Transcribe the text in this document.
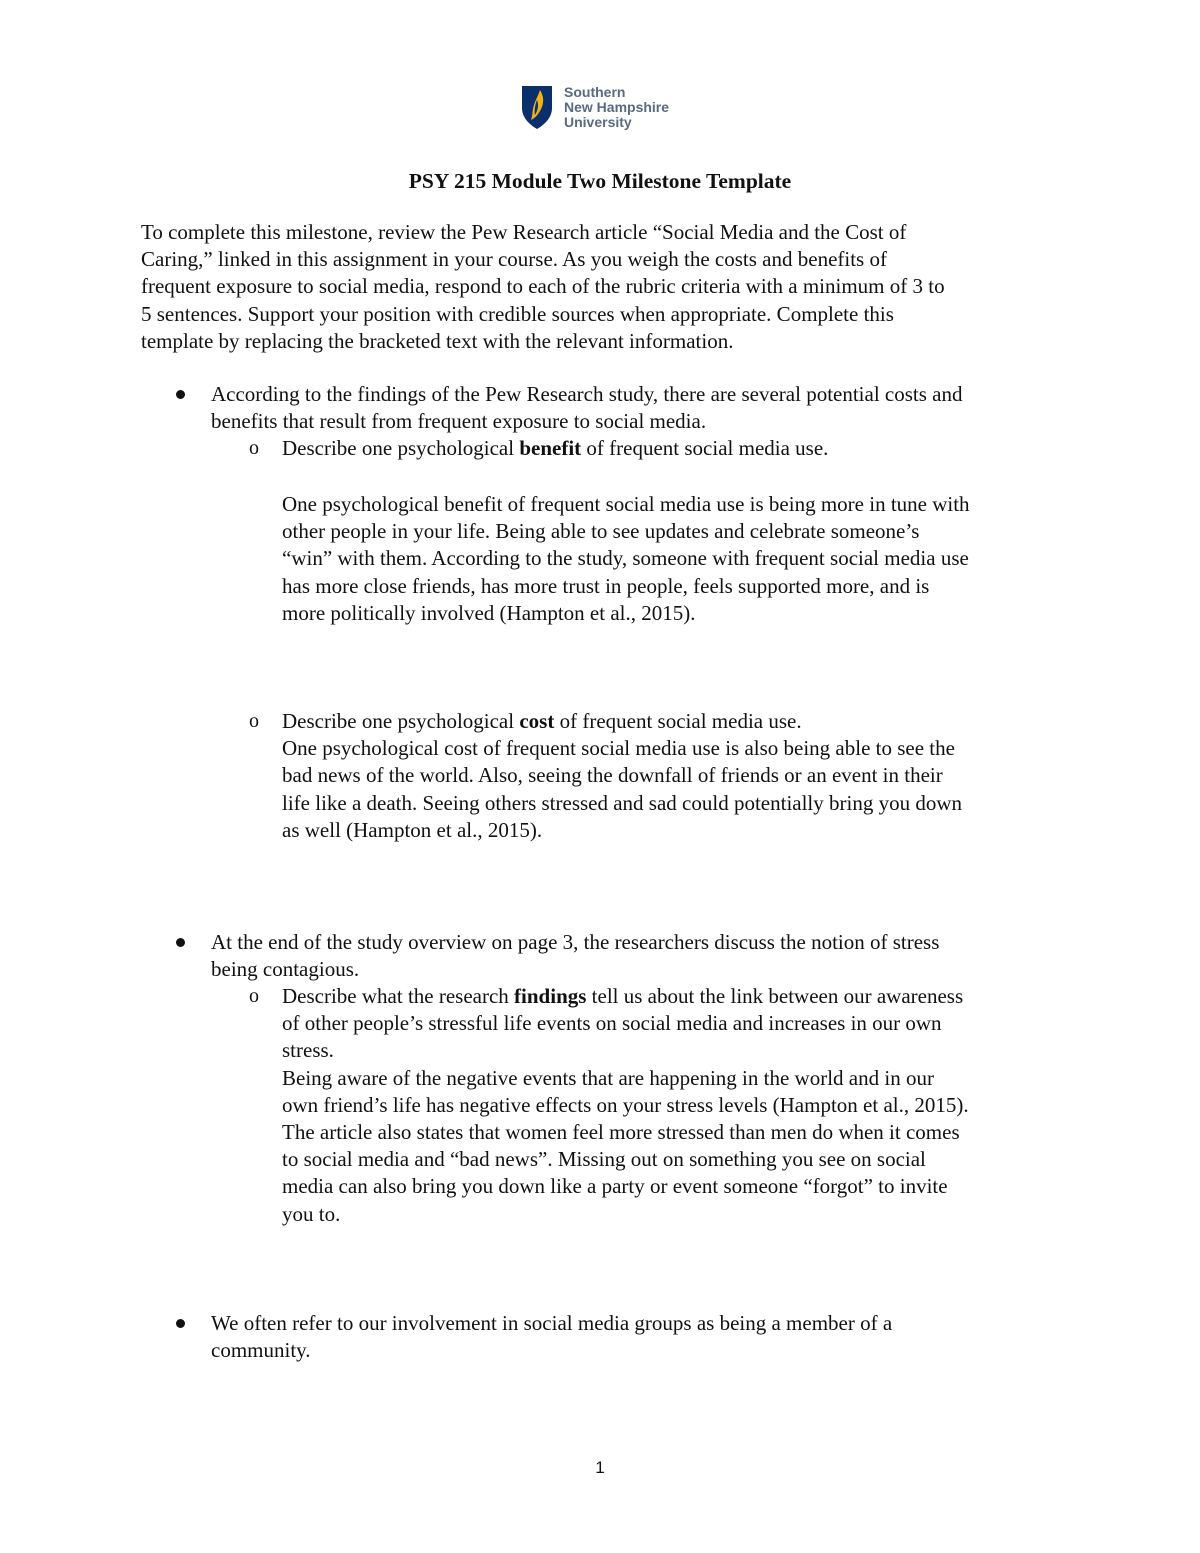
Southern
New Hampshire
University
PSY 215 Module Two Milestone Template
To complete this milestone, review the Pew Research article “Social Media and the Cost of
Caring,” linked in this assignment in your course. As you weigh the costs and benefits of
frequent exposure to social media, respond to each of the rubric criteria with a minimum of 3 to
5 sentences. Support your position with credible sources when appropriate. Complete this
template by replacing the bracketed text with the relevant information.
According to the findings of the Pew Research study, there are several potential costs and
benefits that result from frequent exposure to social media.
o Describe one psychological benefit of frequent social media use.
One psychological benefit of frequent social media use is being more in tune with
other people in your life. Being able to see updates and celebrate someone’s
“win” with them. According to the study, someone with frequent social media use
has more close friends, has more trust in people, feels supported more, and is
more politically involved (Hampton et al., 2015).
o Describe one psychological cost of frequent social media use.
One psychological cost of frequent social media use is also being able to see the
bad news of the world. Also, seeing the downfall of friends or an event in their
life like a death. Seeing others stressed and sad could potentially bring you down
as well (Hampton et al., 2015).
At the end of the study overview on page 3, the researchers discuss the notion of stress
being contagious.
o Describe what the research findings tell us about the link between our awareness
of other people’s stressful life events on social media and increases in our own
stress.
Being aware of the negative events that are happening in the world and in our
own friend’s life has negative effects on your stress levels (Hampton et al., 2015).
The article also states that women feel more stressed than men do when it comes
to social media and “bad news”. Missing out on something you see on social
media can also bring you down like a party or event someone “forgot” to invite
you to.
We often refer to our involvement in social media groups as being a member of a
community.
1
